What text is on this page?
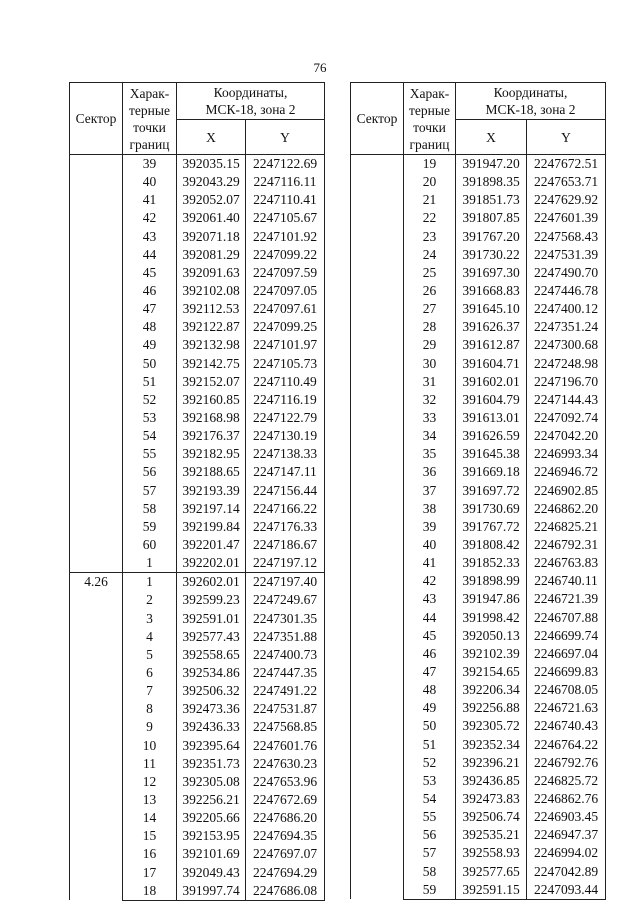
76
Сектор	Харак-
терные
точки
границ	Координаты,
МСК-18, зона 2	
		X	Y

	39	392035.15	2247122.69
	40	392043.29	2247116.11
	41	392052.07	2247110.41
	42	392061.40	2247105.67
	43	392071.18	2247101.92
	44	392081.29	2247099.22
	45	392091.63	2247097.59
	46	392102.08	2247097.05
	47	392112.53	2247097.61
	48	392122.87	2247099.25
	49	392132.98	2247101.97
	50	392142.75	2247105.73
	51	392152.07	2247110.49
	52	392160.85	2247116.19
	53	392168.98	2247122.79
	54	392176.37	2247130.19
	55	392182.95	2247138.33
	56	392188.65	2247147.11
	57	392193.39	2247156.44
	58	392197.14	2247166.22
	59	392199.84	2247176.33
	60	392201.47	2247186.67
	1	392202.01	2247197.12
4.26	1	392602.01	2247197.40
	2	392599.23	2247249.67
	3	392591.01	2247301.35
	4	392577.43	2247351.88
	5	392558.65	2247400.73
	6	392534.86	2247447.35
	7	392506.32	2247491.22
	8	392473.36	2247531.87
	9	392436.33	2247568.85
	10	392395.64	2247601.76
	11	392351.73	2247630.23
	12	392305.08	2247653.96
	13	392256.21	2247672.69
	14	392205.66	2247686.20
	15	392153.95	2247694.35
	16	392101.69	2247697.07
	17	392049.43	2247694.29
	18	391997.74	2247686.08
Сектор	Харак-
терные
точки
границ	Координаты,
МСК-18, зона 2	
		X	Y

	19	391947.20	2247672.51
	20	391898.35	2247653.71
	21	391851.73	2247629.92
	22	391807.85	2247601.39
	23	391767.20	2247568.43
	24	391730.22	2247531.39
	25	391697.30	2247490.70
	26	391668.83	2247446.78
	27	391645.10	2247400.12
	28	391626.37	2247351.24
	29	391612.87	2247300.68
	30	391604.71	2247248.98
	31	391602.01	2247196.70
	32	391604.79	2247144.43
	33	391613.01	2247092.74
	34	391626.59	2247042.20
	35	391645.38	2246993.34
	36	391669.18	2246946.72
	37	391697.72	2246902.85
	38	391730.69	2246862.20
	39	391767.72	2246825.21
	40	391808.42	2246792.31
	41	391852.33	2246763.83
	42	391898.99	2246740.11
	43	391947.86	2246721.39
	44	391998.42	2246707.88
	45	392050.13	2246699.74
	46	392102.39	2246697.04
	47	392154.65	2246699.83
	48	392206.34	2246708.05
	49	392256.88	2246721.63
	50	392305.72	2246740.43
	51	392352.34	2246764.22
	52	392396.21	2246792.76
	53	392436.85	2246825.72
	54	392473.83	2246862.76
	55	392506.74	2246903.45
	56	392535.21	2246947.37
	57	392558.93	2246994.02
	58	392577.65	2247042.89
	59	392591.15	2247093.44
